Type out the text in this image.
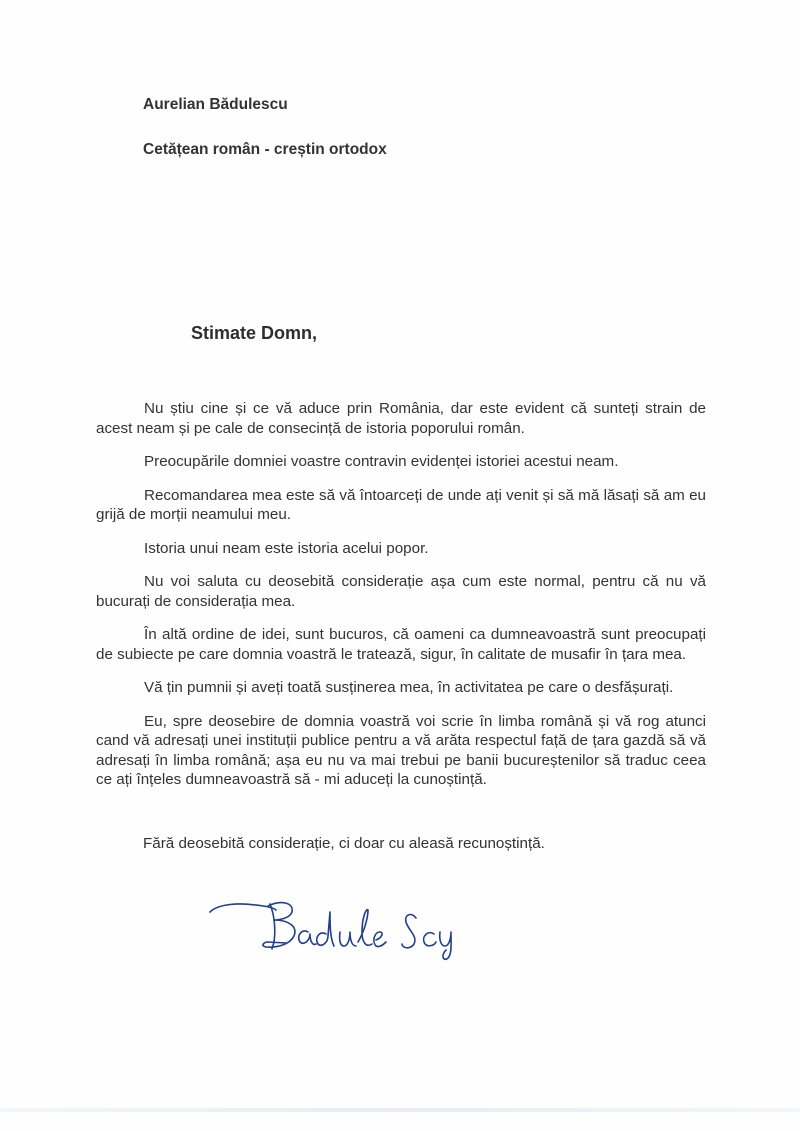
Aurelian Bădulescu
Cetățean român - creștin ortodox
Stimate Domn,

Nu știu cine și ce vă aduce prin România, dar este evident că sunteți strain de acest neam și pe cale de consecință de istoria poporului român.

Preocupările domniei voastre contravin evidenței istoriei acestui neam.

Recomandarea mea este să vă întoarceți de unde ați venit și să mă lăsați să am eu grijă de morții neamului meu.

Istoria unui neam este istoria acelui popor.

Nu voi saluta cu deosebită considerație așa cum este normal, pentru că nu vă bucurați de considerația mea.

În altă ordine de idei, sunt bucuros, că oameni ca dumneavoastră sunt preocupați de subiecte pe care domnia voastră le tratează, sigur, în calitate de musafir în țara mea.

Vă țin pumnii și aveți toată susținerea mea, în activitatea pe care o desfășurați.

Eu, spre deosebire de domnia voastră voi scrie în limba română și vă rog atunci cand vă adresați unei instituții publice pentru a vă arăta respectul față de țara gazdă să vă adresați în limba română; așa eu nu va mai trebui pe banii bucureștenilor să traduc ceea ce ați înțeles dumneavoastră să - mi aduceți la cunoștință.

Fără deosebită considerație, ci doar cu aleasă recunoștință.
